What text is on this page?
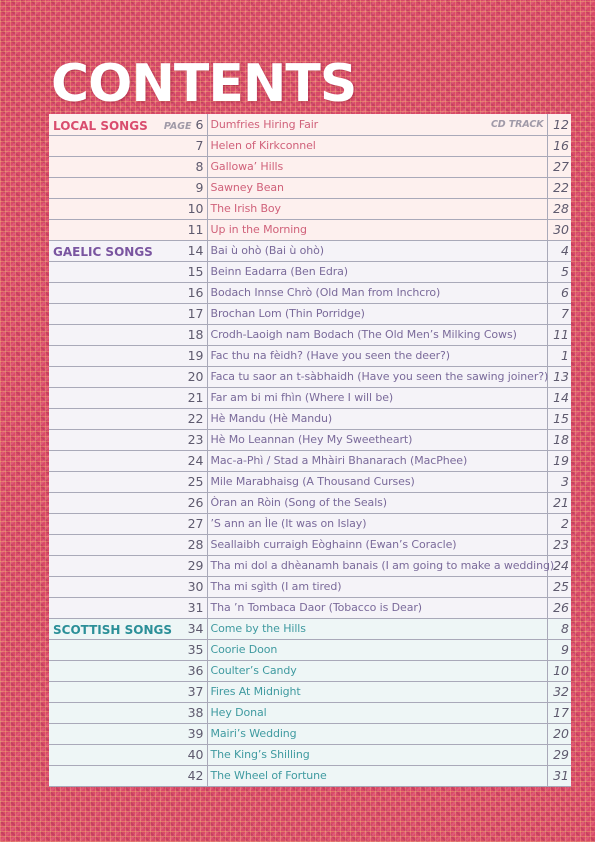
CONTENTS
LOCAL SONGS	PAGE 6	Dumfries Hiring Fair CD TRACK	12
	7	Helen of Kirkconnel	16
	8	Gallowa’ Hills	27
	9	Sawney Bean	22
	10	The Irish Boy	28
	11	Up in the Morning	30
GAELIC SONGS	14	Bai ù ohò (Bai ù ohò)	4
	15	Beinn Eadarra (Ben Edra)	5
	16	Bodach Innse Chrò (Old Man from Inchcro)	6
	17	Brochan Lom (Thin Porridge)	7
	18	Crodh-Laoigh nam Bodach (The Old Men’s Milking Cows)	11
	19	Fac thu na fèidh? (Have you seen the deer?)	1
	20	Faca tu saor an t-sàbhaidh (Have you seen the sawing joiner?)	13
	21	Far am bi mi fhìn (Where I will be)	14
	22	Hè Mandu (Hè Mandu)	15
	23	Hè Mo Leannan (Hey My Sweetheart)	18
	24	Mac-a-Phì / Stad a Mhàiri Bhanarach (MacPhee)	19
	25	Mile Marabhaisg (A Thousand Curses)	3
	26	Òran an Ròin (Song of the Seals)	21
	27	’S ann an Ìle (It was on Islay)	2
	28	Seallaibh curraigh Eòghainn (Ewan’s Coracle)	23
	29	Tha mi dol a dhèanamh banais (I am going to make a wedding)	24
	30	Tha mi sgìth (I am tired)	25
	31	Tha ’n Tombaca Daor (Tobacco is Dear)	26
SCOTTISH SONGS	34	Come by the Hills	8
	35	Coorie Doon	9
	36	Coulter’s Candy	10
	37	Fires At Midnight	32
	38	Hey Donal	17
	39	Mairi’s Wedding	20
	40	The King’s Shilling	29
	42	The Wheel of Fortune	31
